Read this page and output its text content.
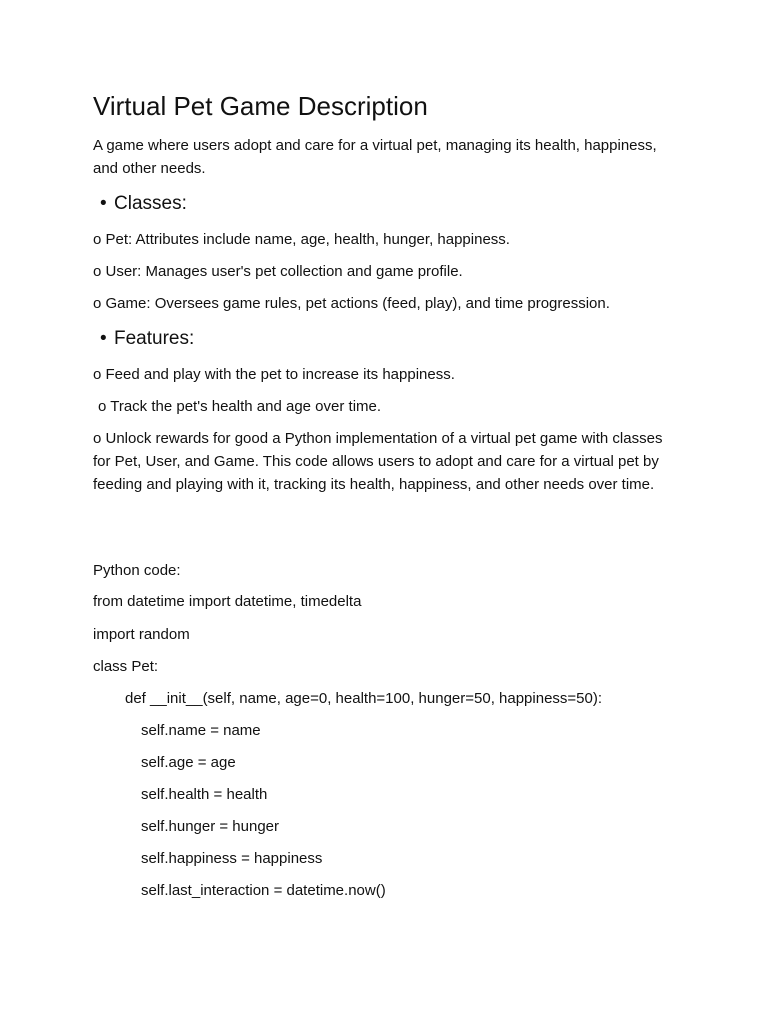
Virtual Pet Game Description

A game where users adopt and care for a virtual pet, managing its health, happiness, and other needs.

• Classes:

o Pet: Attributes include name, age, health, hunger, happiness.

o User: Manages user's pet collection and game profile.

o Game: Oversees game rules, pet actions (feed, play), and time progression.

• Features:

o Feed and play with the pet to increase its happiness.

o Track the pet's health and age over time.

o Unlock rewards for good a Python implementation of a virtual pet game with classes for Pet, User, and Game. This code allows users to adopt and care for a virtual pet by feeding and playing with it, tracking its health, happiness, and other needs over time.

Python code:

from datetime import datetime, timedelta

import random

class Pet:

def __init__(self, name, age=0, health=100, hunger=50, happiness=50):

self.name = name

self.age = age

self.health = health

self.hunger = hunger

self.happiness = happiness

self.last_interaction = datetime.now()
